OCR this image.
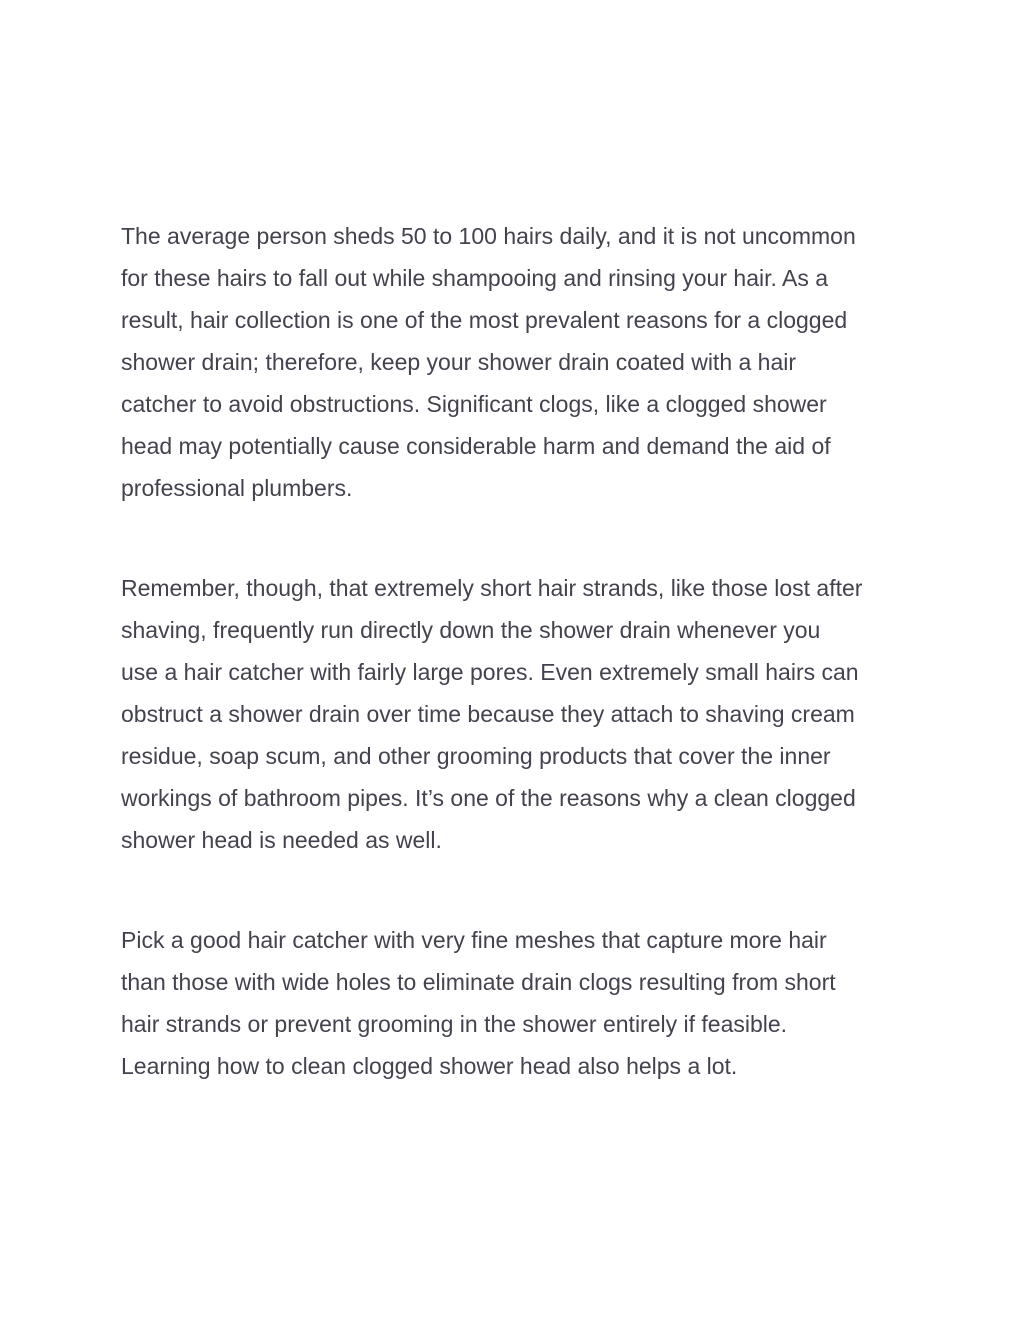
The average person sheds 50 to 100 hairs daily, and it is not uncommon
for these hairs to fall out while shampooing and rinsing your hair. As a
result, hair collection is one of the most prevalent reasons for a clogged
shower drain; therefore, keep your shower drain coated with a hair
catcher to avoid obstructions. Significant clogs, like a clogged shower
head may potentially cause considerable harm and demand the aid of
professional plumbers.

Remember, though, that extremely short hair strands, like those lost after
shaving, frequently run directly down the shower drain whenever you
use a hair catcher with fairly large pores. Even extremely small hairs can
obstruct a shower drain over time because they attach to shaving cream
residue, soap scum, and other grooming products that cover the inner
workings of bathroom pipes. It’s one of the reasons why a clean clogged
shower head is needed as well.

Pick a good hair catcher with very fine meshes that capture more hair
than those with wide holes to eliminate drain clogs resulting from short
hair strands or prevent grooming in the shower entirely if feasible.
Learning how to clean clogged shower head also helps a lot.
